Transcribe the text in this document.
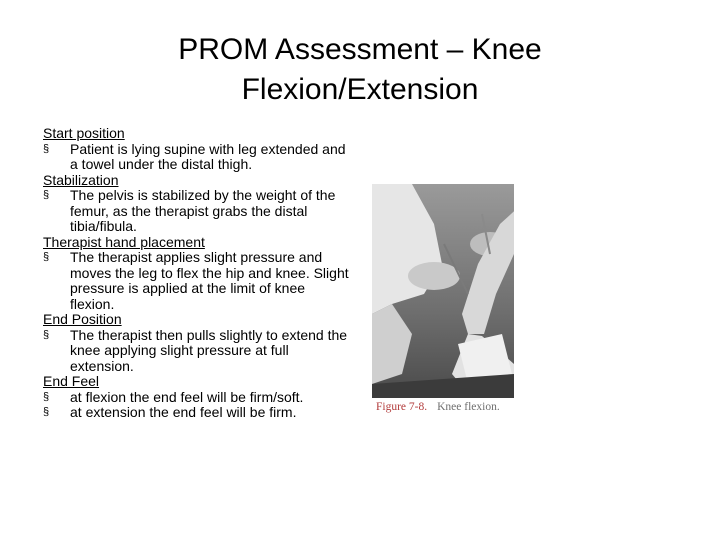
PROM Assessment – Knee
Flexion/Extension
Start position
§ Patient is lying supine with leg extended and a towel under the distal thigh.
Stabilization
§ The pelvis is stabilized by the weight of the femur, as the therapist grabs the distal tibia/fibula.
Therapist hand placement
§ The therapist applies slight pressure and moves the leg to flex the hip and knee. Slight pressure is applied at the limit of knee flexion.
End Position
§ The therapist then pulls slightly to extend the knee applying slight pressure at full extension.
End Feel
§ at flexion the end feel will be firm/soft.
§ at extension the end feel will be firm.	Figure 7-8. Knee flexion.
